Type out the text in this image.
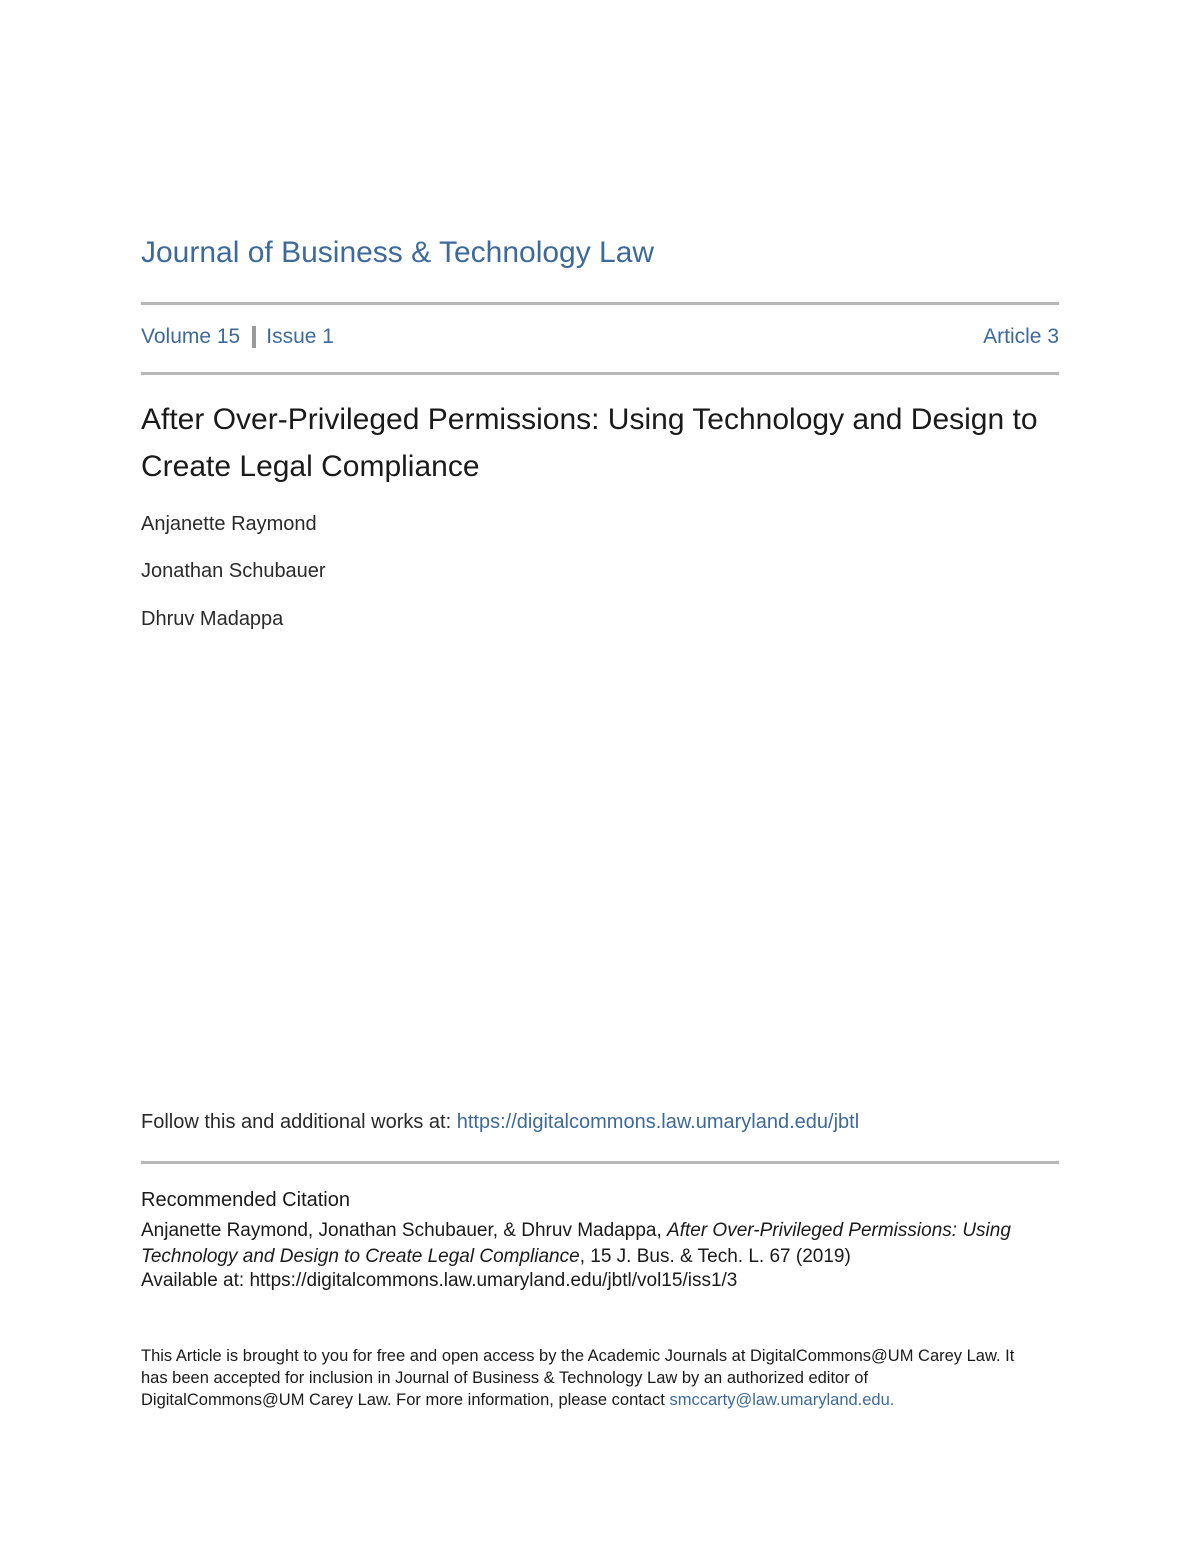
Journal of Business & Technology Law
Volume 15 Issue 1	Article 3
After Over-Privileged Permissions: Using Technology and Design to Create Legal Compliance
Anjanette Raymond
Jonathan Schubauer
Dhruv Madappa
Follow this and additional works at: https://digitalcommons.law.umaryland.edu/jbtl
Recommended Citation
Anjanette Raymond, Jonathan Schubauer, & Dhruv Madappa, After Over-Privileged Permissions: Using Technology and Design to Create Legal Compliance, 15 J. Bus. & Tech. L. 67 (2019)
Available at: https://digitalcommons.law.umaryland.edu/jbtl/vol15/iss1/3
This Article is brought to you for free and open access by the Academic Journals at DigitalCommons@UM Carey Law. It has been accepted for inclusion in Journal of Business & Technology Law by an authorized editor of DigitalCommons@UM Carey Law. For more information, please contact smccarty@law.umaryland.edu.
